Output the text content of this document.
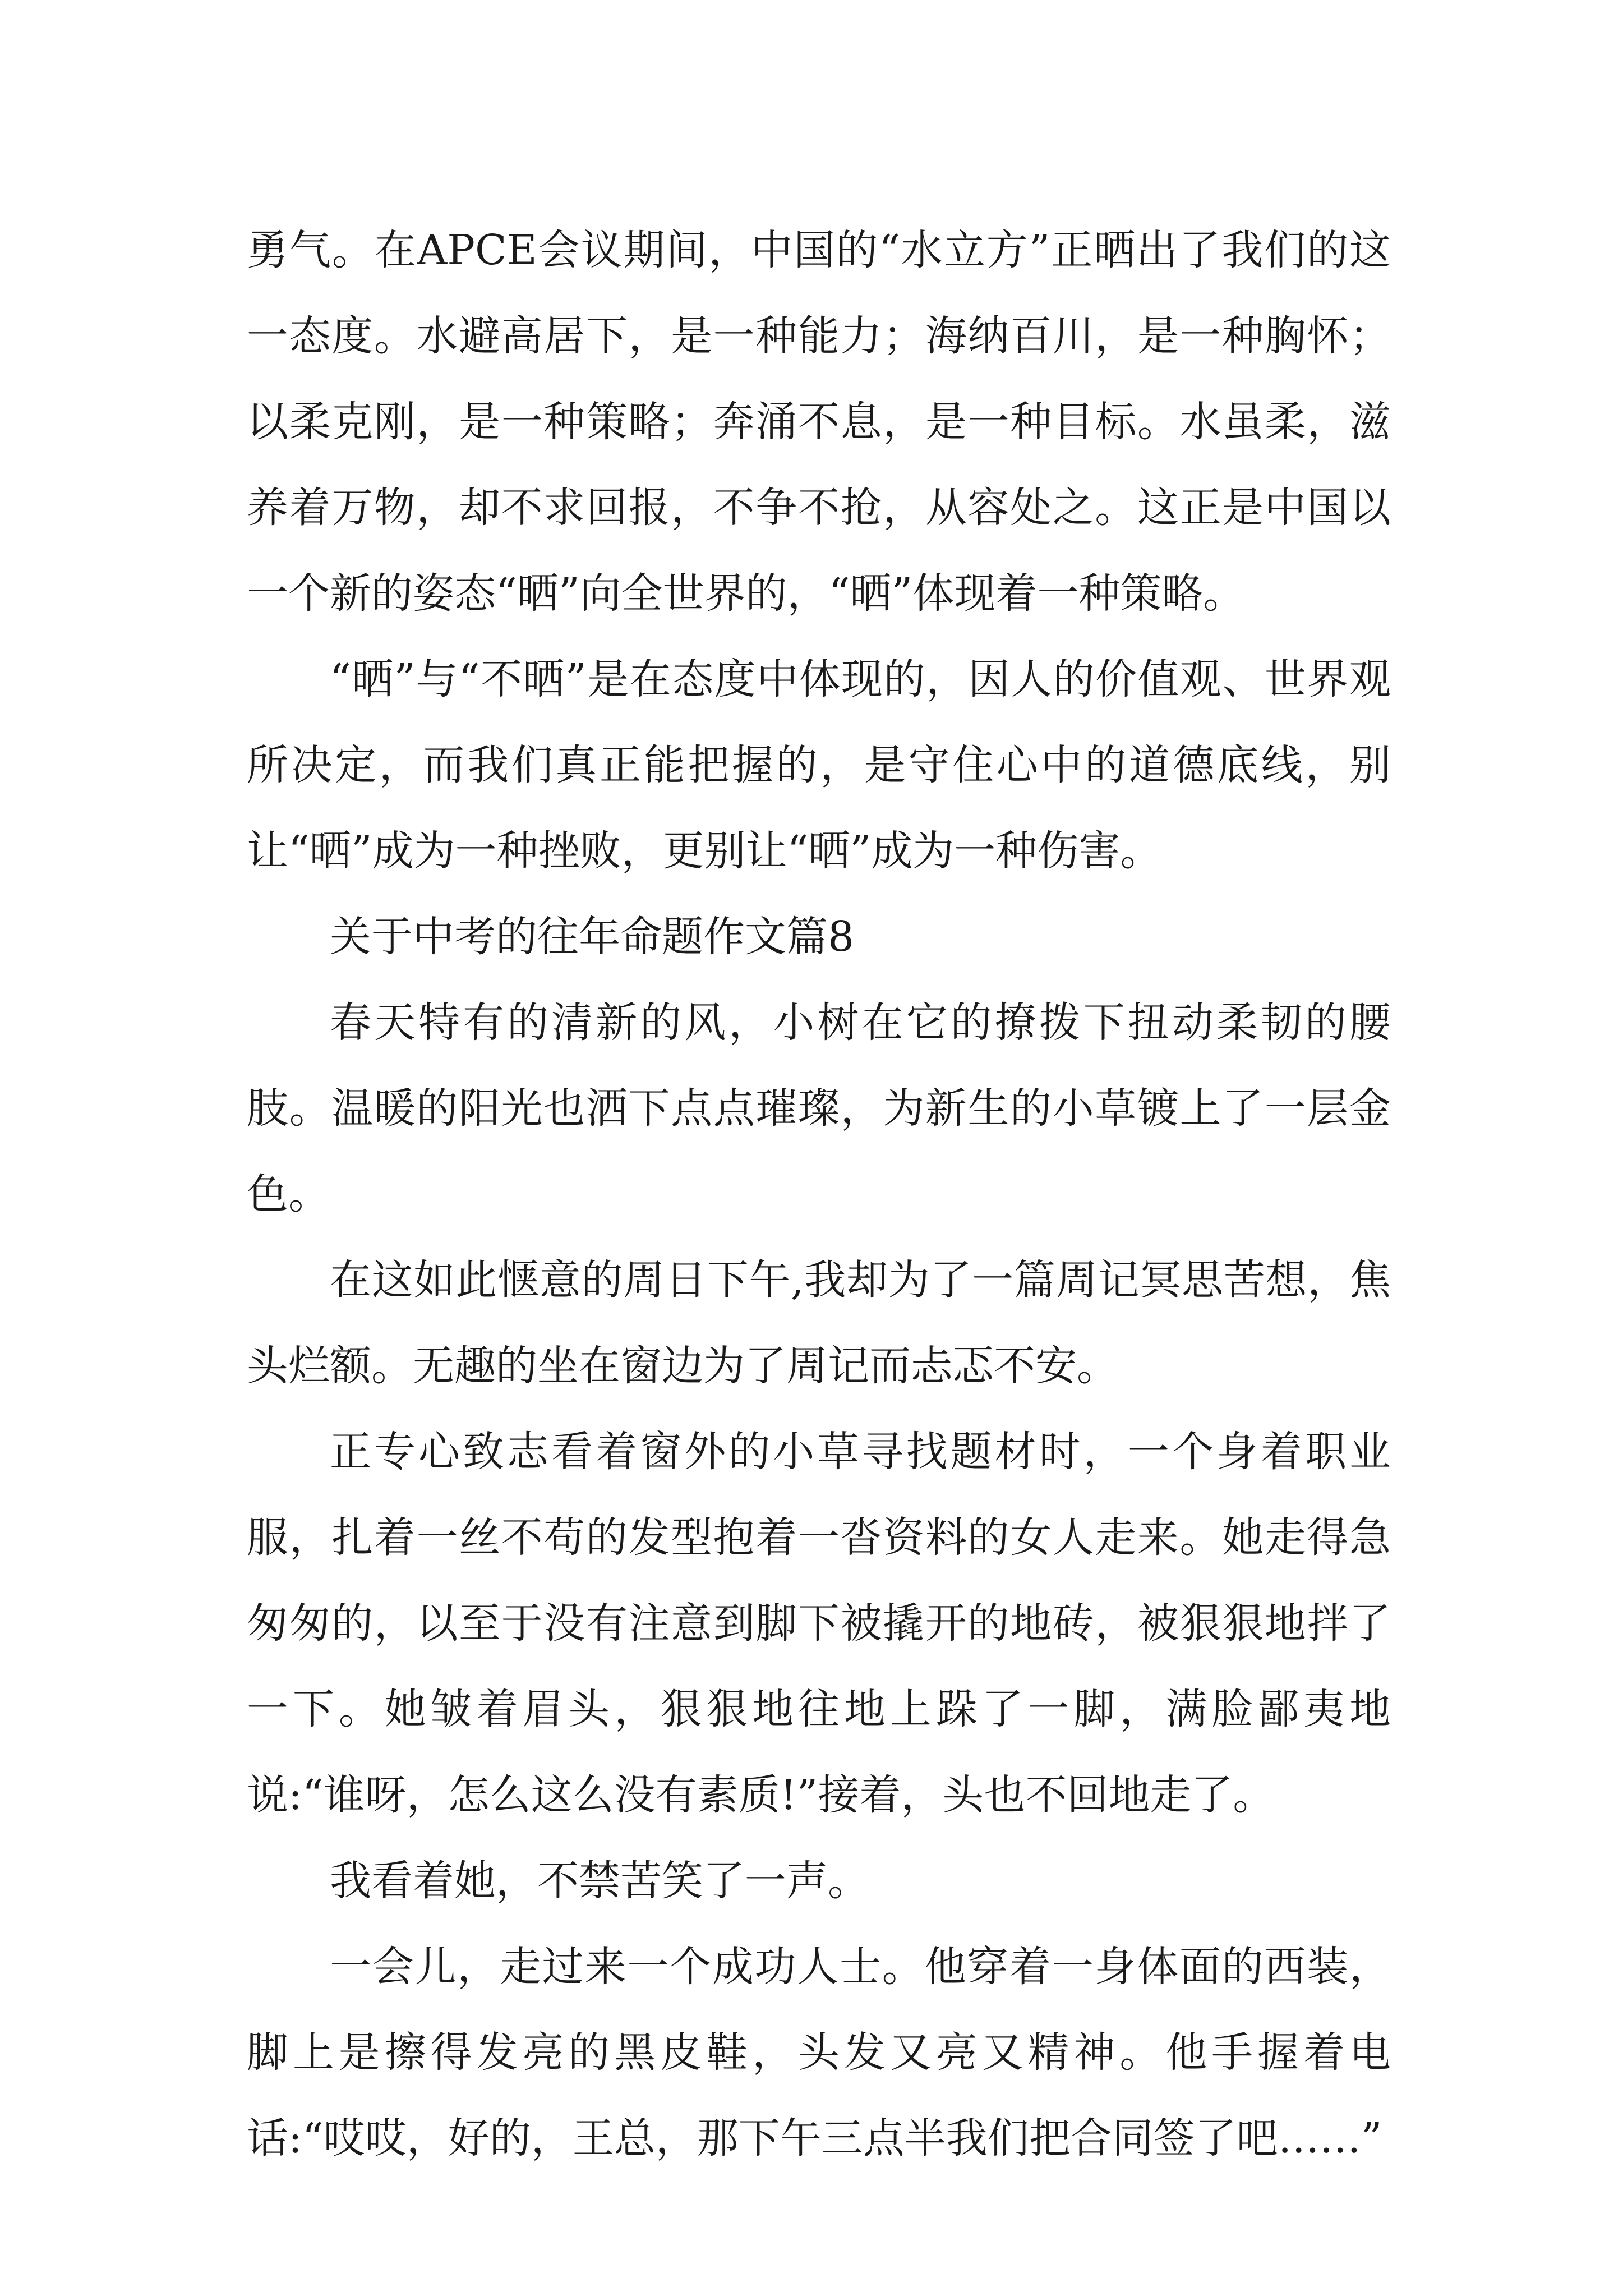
勇气。在APCE会议期间，中国的“水立方”正晒出了我们的这一态度。水避高居下，是一种能力；海纳百川，是一种胸怀；以柔克刚，是一种策略；奔涌不息，是一种目标。水虽柔，滋养着万物，却不求回报，不争不抢，从容处之。这正是中国以一个新的姿态“晒”向全世界的，“晒”体现着一种策略。

“晒”与“不晒”是在态度中体现的，因人的价值观、世界观所决定，而我们真正能把握的，是守住心中的道德底线，别让“晒”成为一种挫败，更别让“晒”成为一种伤害。

关于中考的往年命题作文篇8

春天特有的清新的风，小树在它的撩拨下扭动柔韧的腰肢。温暖的阳光也洒下点点璀璨，为新生的小草镀上了一层金色。

在这如此惬意的周日下午,我却为了一篇周记冥思苦想，焦头烂额。无趣的坐在窗边为了周记而忐忑不安。

正专心致志看着窗外的小草寻找题材时，一个身着职业服，扎着一丝不苟的发型抱着一沓资料的女人走来。她走得急匆匆的，以至于没有注意到脚下被撬开的地砖，被狠狠地拌了一下。她皱着眉头，狠狠地往地上跺了一脚，满脸鄙夷地说:“谁呀，怎么这么没有素质!”接着，头也不回地走了。

我看着她，不禁苦笑了一声。

一会儿，走过来一个成功人士。他穿着一身体面的西装，脚上是擦得发亮的黑皮鞋，头发又亮又精神。他手握着电话:“哎哎，好的，王总，那下午三点半我们把合同签了吧……”
